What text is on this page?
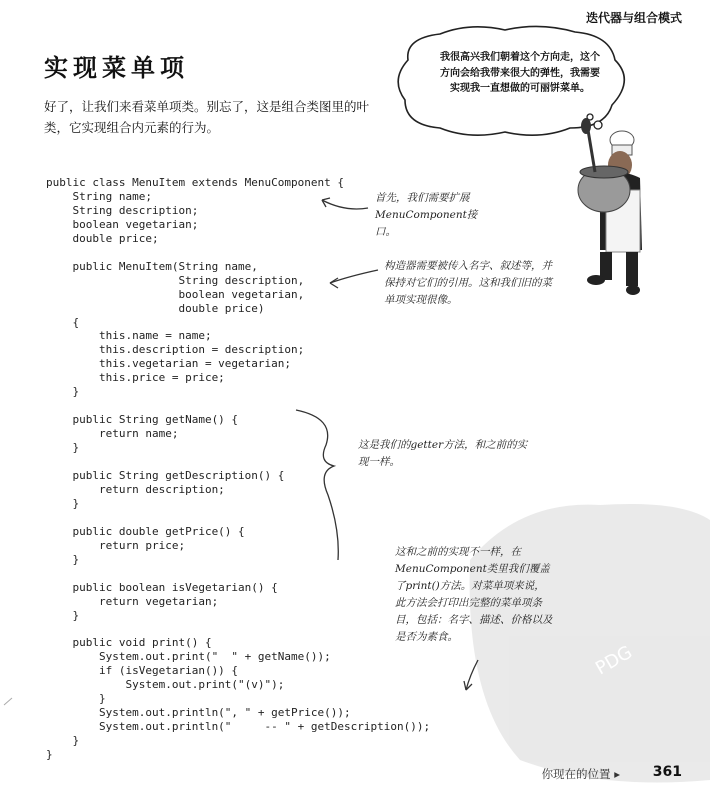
PDG
迭代器与组合模式
实现菜单项
好了，让我们来看菜单项类。别忘了，这是组合类图里的叶类，它实现组合内元素的行为。
public class MenuItem extends MenuComponent {
String name;
String description;
boolean vegetarian;
double price;

public MenuItem(String name,
String description,
boolean vegetarian,
double price)
{
this.name = name;
this.description = description;
this.vegetarian = vegetarian;
this.price = price;
}

public String getName() {
return name;
}

public String getDescription() {
return description;
}

public double getPrice() {
return price;
}

public boolean isVegetarian() {
return vegetarian;
}

public void print() {
System.out.print("  " + getName());
if (isVegetarian()) {
System.out.print("(v)");
}
System.out.println(", " + getPrice());
System.out.println("     -- " + getDescription());
}
}
我很高兴我们朝着这个方向走，这个方向会给我带来很大的弹性，我需要实现我一直想做的可丽饼菜单。
首先，我们需要扩展MenuComponent接口。
构造器需要被传入名字、叙述等，并保持对它们的引用。这和我们旧的菜单项实现很像。
这是我们的getter方法，和之前的实现一样。
这和之前的实现不一样，在MenuComponent类里我们覆盖了print()方法。对菜单项来说，此方法会打印出完整的菜单项条目，包括：名字、描述、价格以及是否为素食。
你现在的位置 ▸ 361
